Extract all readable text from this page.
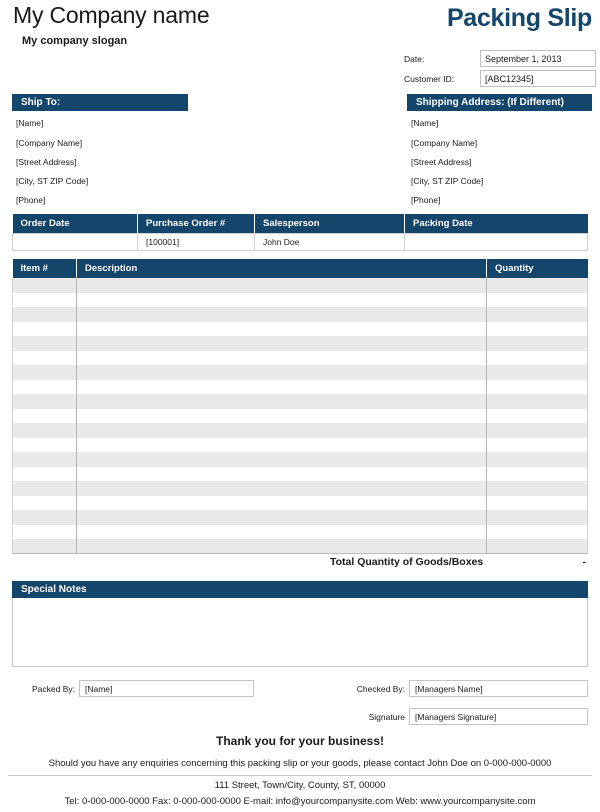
My Company name
My company slogan
Packing Slip
Date:	September 1, 2013
Customer ID:	[ABC12345]
Ship To:
[Name]
[Company Name]
[Street Address]
[City, ST ZIP Code]
[Phone]
Shipping Address: (If Different)
[Name]
[Company Name]
[Street Address]
[City, ST ZIP Code]
[Phone]
Order Date	Purchase Order #	Salesperson	Packing Date
	[100001]	John Doe	
Item #	Description	Quantity

Total Quantity of Goods/Boxes	-
Special Notes
Packed By:	[Name]	Checked By:	[Managers Name]
Signature	[Managers Signature]
Thank you for your business!
Should you have any enquiries concerning this packing slip or your goods, please contact John Doe on 0-000-000-0000
111 Street, Town/City, County, ST, 00000
Tel: 0-000-000-0000 Fax: 0-000-000-0000 E-mail: info@yourcompanysite.com Web: www.yourcompanysite.com
